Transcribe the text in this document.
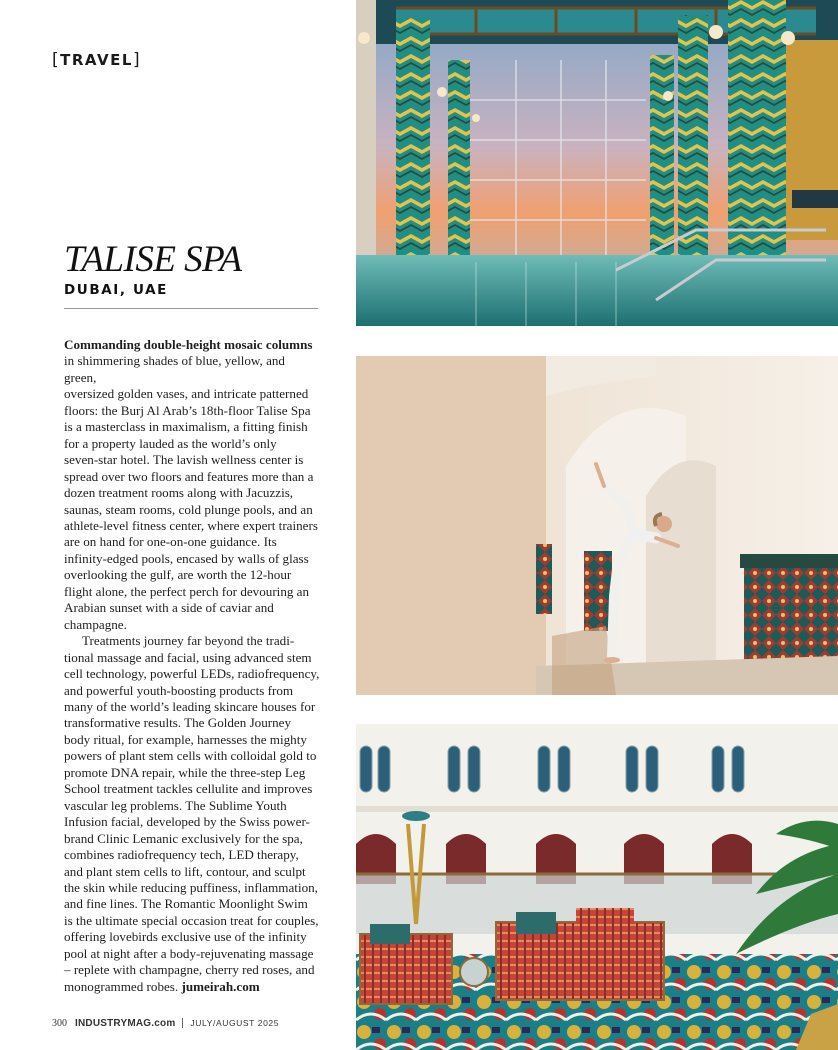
[TRAVEL]
TALISE SPA
DUBAI, UAE

Commanding double-height mosaic columns
in shimmering shades of blue, yellow, and green,
oversized golden vases, and intricate patterned
floors: the Burj Al Arab’s 18th-floor Talise Spa
is a masterclass in maximalism, a fitting finish
for a property lauded as the world’s only
seven-star hotel. The lavish wellness center is
spread over two floors and features more than a
dozen treatment rooms along with Jacuzzis,
saunas, steam rooms, cold plunge pools, and an
athlete-level fitness center, where expert trainers
are on hand for one-on-one guidance. Its
infinity-edged pools, encased by walls of glass
overlooking the gulf, are worth the 12-hour
flight alone, the perfect perch for devouring an
Arabian sunset with a side of caviar and
champagne.

Treatments journey far beyond the tradi-
tional massage and facial, using advanced stem
cell technology, powerful LEDs, radiofrequency,
and powerful youth-boosting products from
many of the world’s leading skincare houses for
transformative results. The Golden Journey
body ritual, for example, harnesses the mighty
powers of plant stem cells with colloidal gold to
promote DNA repair, while the three-step Leg
School treatment tackles cellulite and improves
vascular leg problems. The Sublime Youth
Infusion facial, developed by the Swiss power-
brand Clinic Lemanic exclusively for the spa,
combines radiofrequency tech, LED therapy,
and plant stem cells to lift, contour, and sculpt
the skin while reducing puffiness, inflammation,
and fine lines. The Romantic Moonlight Swim
is the ultimate special occasion treat for couples,
offering lovebirds exclusive use of the infinity
pool at night after a body-rejuvenating massage
– replete with champagne, cherry red roses, and
monogrammed robes. jumeirah.com

300 INDUSTRYMAG.com JULY/AUGUST 2025
